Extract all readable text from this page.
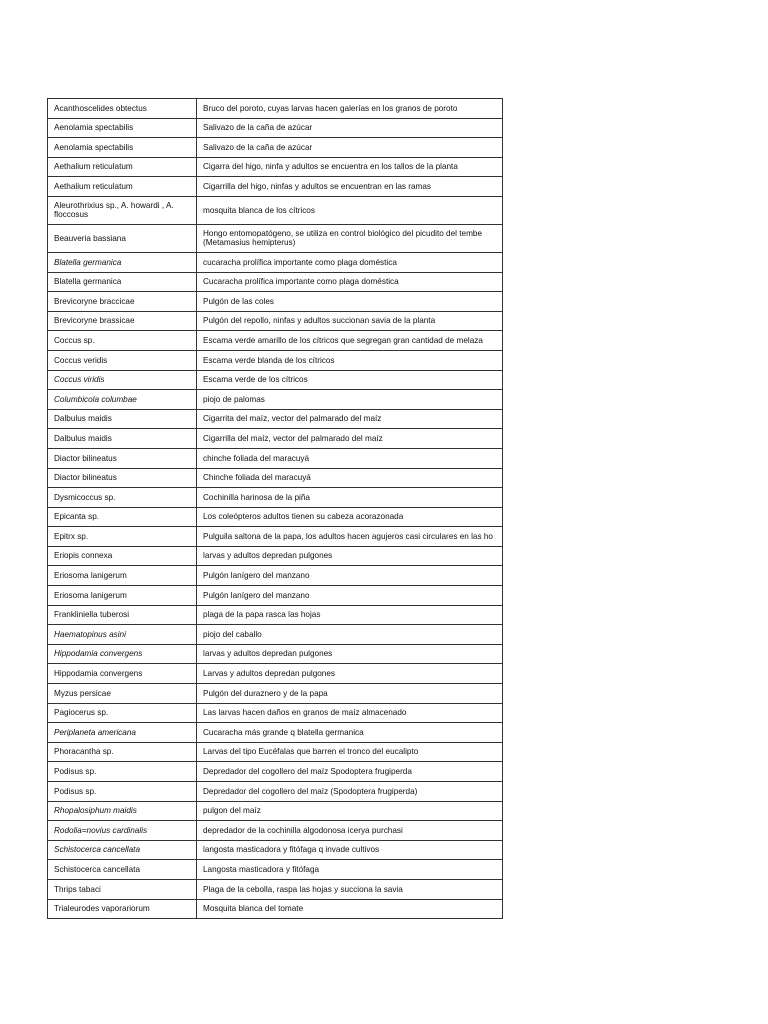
Acanthoscelides obtectus	Bruco del poroto, cuyas larvas hacen galerías en los granos de poroto
Aenolamia spectabilis	Salivazo de la caña de azúcar
Aenolamia spectabilis	Salivazo de la caña de azúcar
Aethalium reticulatum	Cigarra del higo, ninfa y adultos se encuentra en los tallos de la planta
Aethalium reticulatum	Cigarrilla del higo, ninfas y adultos se encuentran en las ramas
Aleurothrixius sp., A. howardi , A. floccosus	mosquita blanca de los cítricos
Beauveria bassiana	Hongo entomopatógeno, se utiliza en control biológico del picudito del tembe (Metamasius hemipterus)
Blatella germanica	cucaracha prolífica importante como plaga doméstica
Blatella germanica	Cucaracha prolífica importante como plaga doméstica
Brevicoryne braccicae	Pulgón de las coles
Brevicoryne brassicae	Pulgón del repollo, ninfas y adultos succionan savia de la planta
Coccus sp.	Escama verde amarillo de los cítricos que segregan gran cantidad de melaza
Coccus veridis	Escama verde blanda de los cítricos
Coccus viridis	Escama verde de los cítricos
Columbicola columbae	piojo de palomas
Dalbulus maidis	Cigarrita del maíz, vector del palmarado del maíz
Dalbulus maidis	Cigarrilla del maíz, vector del palmarado del maíz
Diactor bilineatus	chinche foliada del maracuyá
Diactor bilineatus	Chinche foliada del maracuyá
Dysmicoccus sp.	Cochinilla harinosa de la piña
Epicanta sp.	Los coleópteros adultos tienen su cabeza acorazonada
Epitrx sp.	Pulguila saltona de la papa, los adultos hacen agujeros casi circulares en las ho
Eriopis connexa	larvas y adultos depredan pulgones
Eriosoma lanigerum	Pulgón lanígero del manzano
Eriosoma lanigerum	Pulgón lanígero del manzano
Frankliniella tuberosi	plaga de la papa rasca las hojas
Haematopinus asini	piojo del caballo
Hippodamia convergens	larvas y adultos depredan pulgones
Hippodamia convergens	Larvas y adultos depredan pulgones
Myzus persicae	Pulgón del duraznero y de la papa
Pagiocerus sp.	Las larvas hacen daños en granos de maíz almacenado
Periplaneta americana	Cucaracha más grande q blatella germanica
Phoracantha sp.	Larvas del tipo Eucéfalas que barren el tronco del eucalipto
Podisus sp.	Depredador del cogollero del maíz Spodoptera frugiperda
Podisus sp.	Depredador del cogollero del maíz (Spodoptera frugiperda)
Rhopalosiphum maidis	pulgon del maíz
Rodolia=novius cardinalis	depredador de la cochinilla algodonosa icerya purchasi
Schistocerca cancellata	langosta masticadora y fitófaga q invade cultivos
Schistocerca cancellata	Langosta masticadora y fitófaga
Thrips tabaci	Plaga de la cebolla, raspa las hojas y succiona la savia
Trialeurodes vaporariorum	Mosquita blanca del tomate
